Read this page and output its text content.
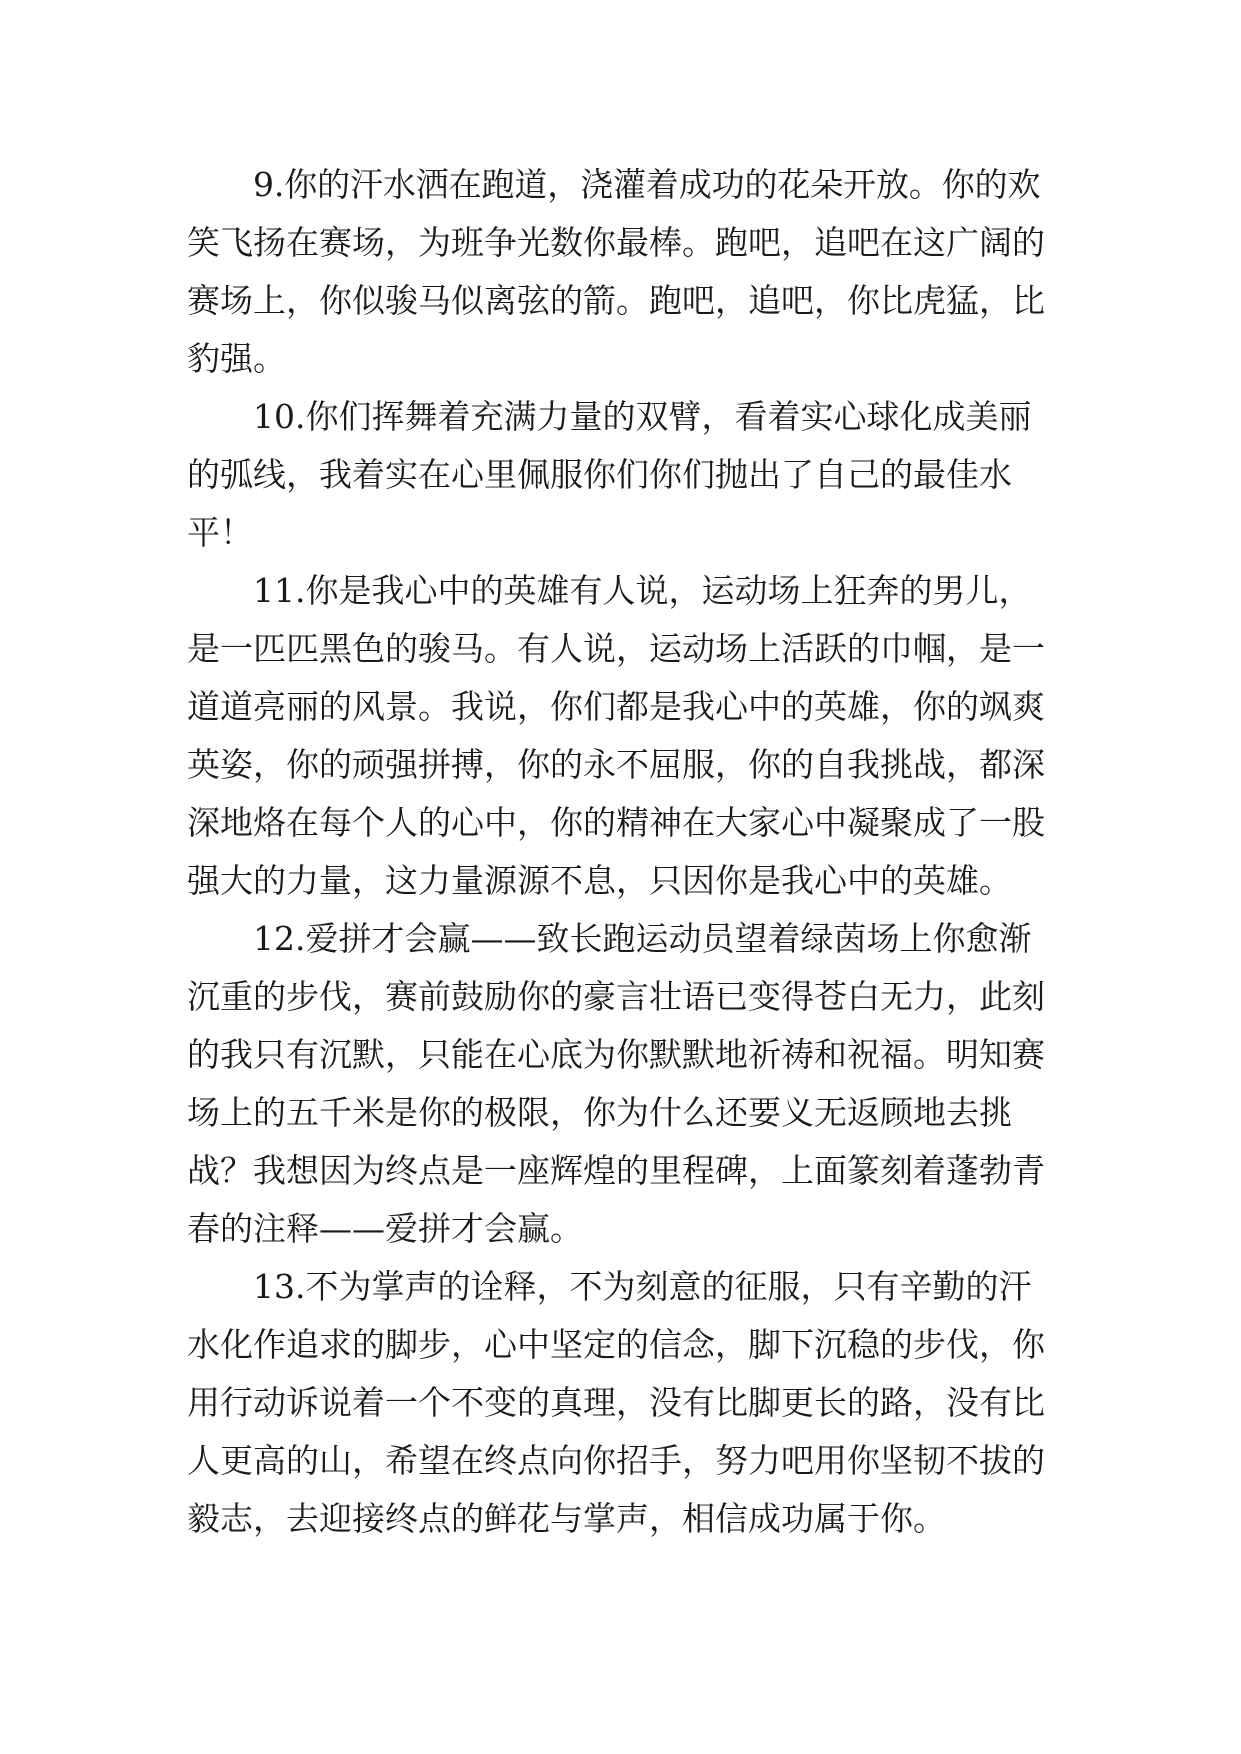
9.你的汗水洒在跑道，浇灌着成功的花朵开放。你的欢
笑飞扬在赛场，为班争光数你最棒。跑吧，追吧在这广阔的
赛场上，你似骏马似离弦的箭。跑吧，追吧，你比虎猛，比
豹强。
10.你们挥舞着充满力量的双臂，看着实心球化成美丽
的弧线，我着实在心里佩服你们你们抛出了自己的最佳水
平！
11.你是我心中的英雄有人说，运动场上狂奔的男儿，
是一匹匹黑色的骏马。有人说，运动场上活跃的巾帼，是一
道道亮丽的风景。我说，你们都是我心中的英雄，你的飒爽
英姿，你的顽强拼搏，你的永不屈服，你的自我挑战，都深
深地烙在每个人的心中，你的精神在大家心中凝聚成了一股
强大的力量，这力量源源不息，只因你是我心中的英雄。
12.爱拼才会赢——致长跑运动员望着绿茵场上你愈渐
沉重的步伐，赛前鼓励你的豪言壮语已变得苍白无力，此刻
的我只有沉默，只能在心底为你默默地祈祷和祝福。明知赛
场上的五千米是你的极限，你为什么还要义无返顾地去挑
战？我想因为终点是一座辉煌的里程碑，上面篆刻着蓬勃青
春的注释——爱拼才会赢。
13.不为掌声的诠释，不为刻意的征服，只有辛勤的汗
水化作追求的脚步，心中坚定的信念，脚下沉稳的步伐，你
用行动诉说着一个不变的真理，没有比脚更长的路，没有比
人更高的山，希望在终点向你招手，努力吧用你坚韧不拔的
毅志，去迎接终点的鲜花与掌声，相信成功属于你。
